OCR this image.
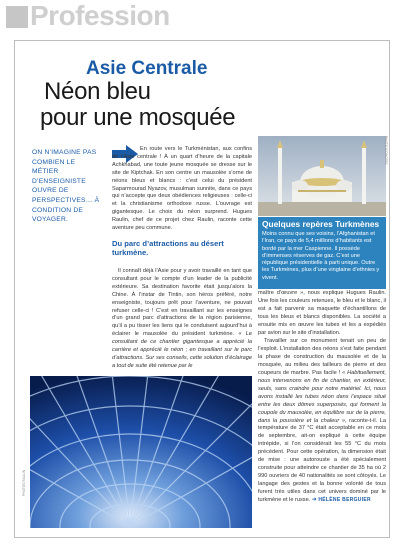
Profession
Asie Centrale
Néon bleu
pour une mosquée
ON N’IMAGINE PAS COMBIEN LE MÉTIER D’ENSEIGNISTE OUVRE DE PERSPECTIVES… À CONDITION DE VOYAGER.
En route vers le Turkménistan, aux confins de l’Asie centrale ! À un quart d’heure de la capitale Achkhabad, une toute jeune mosquée se dresse sur le site de Kiptchak. En son centre un mausolée s’orne de néons bleus et blancs : c’est celui du président Saparmourad Nyazov, musulman sunnite, dans ce pays qui n’accepte que deux obédiences religieuses : celle-ci et la christianisme orthodoxe russe. L’ouvrage est gigantesque. Le choix du néon surprend. Hugues Raulin, chef de ce projet chez Raulin, raconte cette aventure peu commune.
Du parc d’attractions au désert turkmène.
Il connaît déjà l’Asie pour y avoir travaillé en tant que consultant pour le compte d’un leader de la publicité extérieure. Sa destination favorite était jusqu’alors la Chine. À l’instar de Tintin, son héros préféré, notre enseigniste, toujours prêt pour l’aventure, ne pouvait refuser celle-ci ! C’est en travaillant sur les enseignes d’un grand parc d’attractions de la région parisienne, qu’il a pu tisser les liens qui le conduisent aujourd’hui à éclairer le mausolée du président turkmène. « Le consultant de ce chantier gigantesque a apprécié la carrière et apprécié le néon ; en travaillant sur le parc d’attractions. Sur ses conseils, cette solution d’éclairage a tout de suite été retenue par le
PHOTO ICONOTEC
Quelques repères Turkmènes
Moins connu que ses voisins, l’Afghanistan et l’Iran, ce pays de 5,4 millions d’habitants est bordé par la mer Caspienne. Il possède d’immenses réserves de gaz. C’est une république présidentielle à parti unique. Outre les Turkmènes, plus d’une vingtaine d’ethnies y vivent.

maître d’œuvre », nous explique Hugues Raulin. Une fois les couleurs retenues, le bleu et le blanc, il est a fait parvenir sa maquette d’échantillons de tous les bleus et blancs disponibles. La société a ensuite mis en œuvre les tubes et les a expédiés par avion sur le site d’installation.

Travailler sur ce monument tenait un peu de l’exploit. L’installation des néons s’est faite pendant la phase de construction du mausolée et de la mosquée, au milieu des tailleurs de pierre et des coupeurs de marbre. Pas facile ! « Habituellement, nous intervenons en fin de chantier, en extérieur, seuls, sans craindre pour notre matériel. Ici, nous avons installé les tubes néon dans l’espace situé entre les deux dômes superposés, qui forment la coupole du mausolée, en équilibre sur de la pierre, dans la poussière et la chaleur », raconte-t-il. La température de 37 °C était acceptable en ce mois de septembre, ait-on expliqué à cette équipe intrépide, si l’on considérait les 55 °C du mois précédent. Pour cette opération, la dimension était de mise : une autorouste a été spécialement construite pour atteindre ce chantier de 35 ha où 2 990 ouvriers de 40 nationalités se sont côtoyés. Le langage des gestes et la bonne volonté de tous furent très utiles dans cet univers dominé par le turkmène et le russe. ➜ HÉLÈNE BERGUIER

PHOTOS RAULIN
